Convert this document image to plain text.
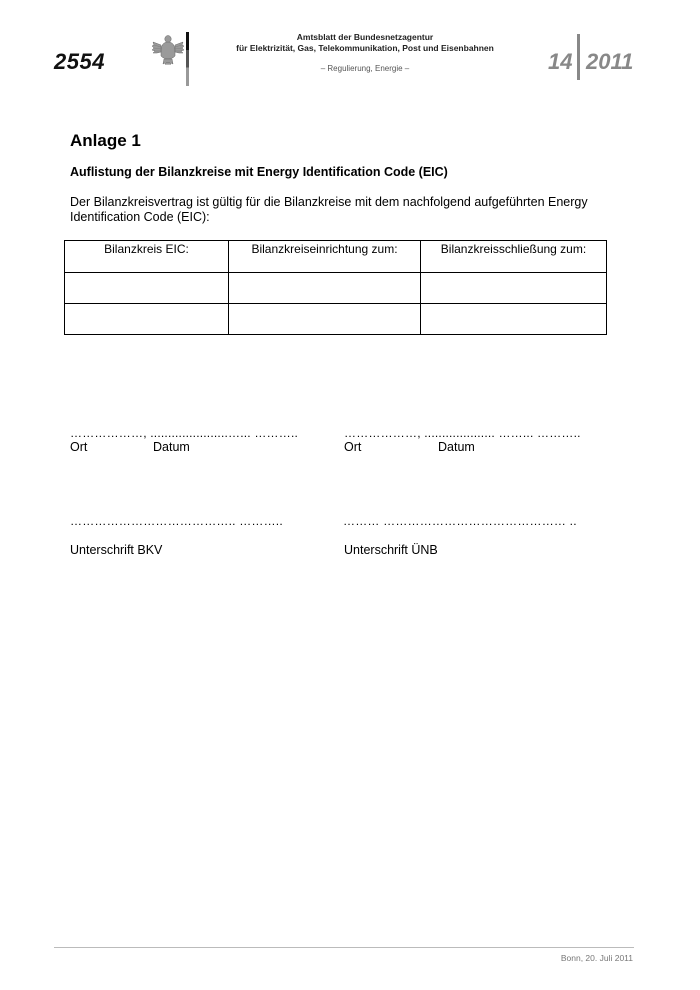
2554
Amtsblatt der Bundesnetzagentur
für Elektrizität, Gas, Telekommunikation, Post und Eisenbahnen
– Regulierung, Energie –	14 2011
Anlage 1
Auflistung der Bilanzkreise mit Energy Identification Code (EIC)
Der Bilanzkreisvertrag ist gültig für die Bilanzkreise mit dem nachfolgend aufgeführten Energy Identification Code (EIC):
Bilanzkreis EIC:	Bilanzkreiseinrichtung zum:	Bilanzkreisschließung zum:

………………, ......................…... ………..
Ort	Datum
………………, .................... ……... ………..
Ort	Datum
………………………………….. ………..	……… ……………………………………… ..
Unterschrift BKV	Unterschrift ÜNB
Bonn, 20. Juli 2011
